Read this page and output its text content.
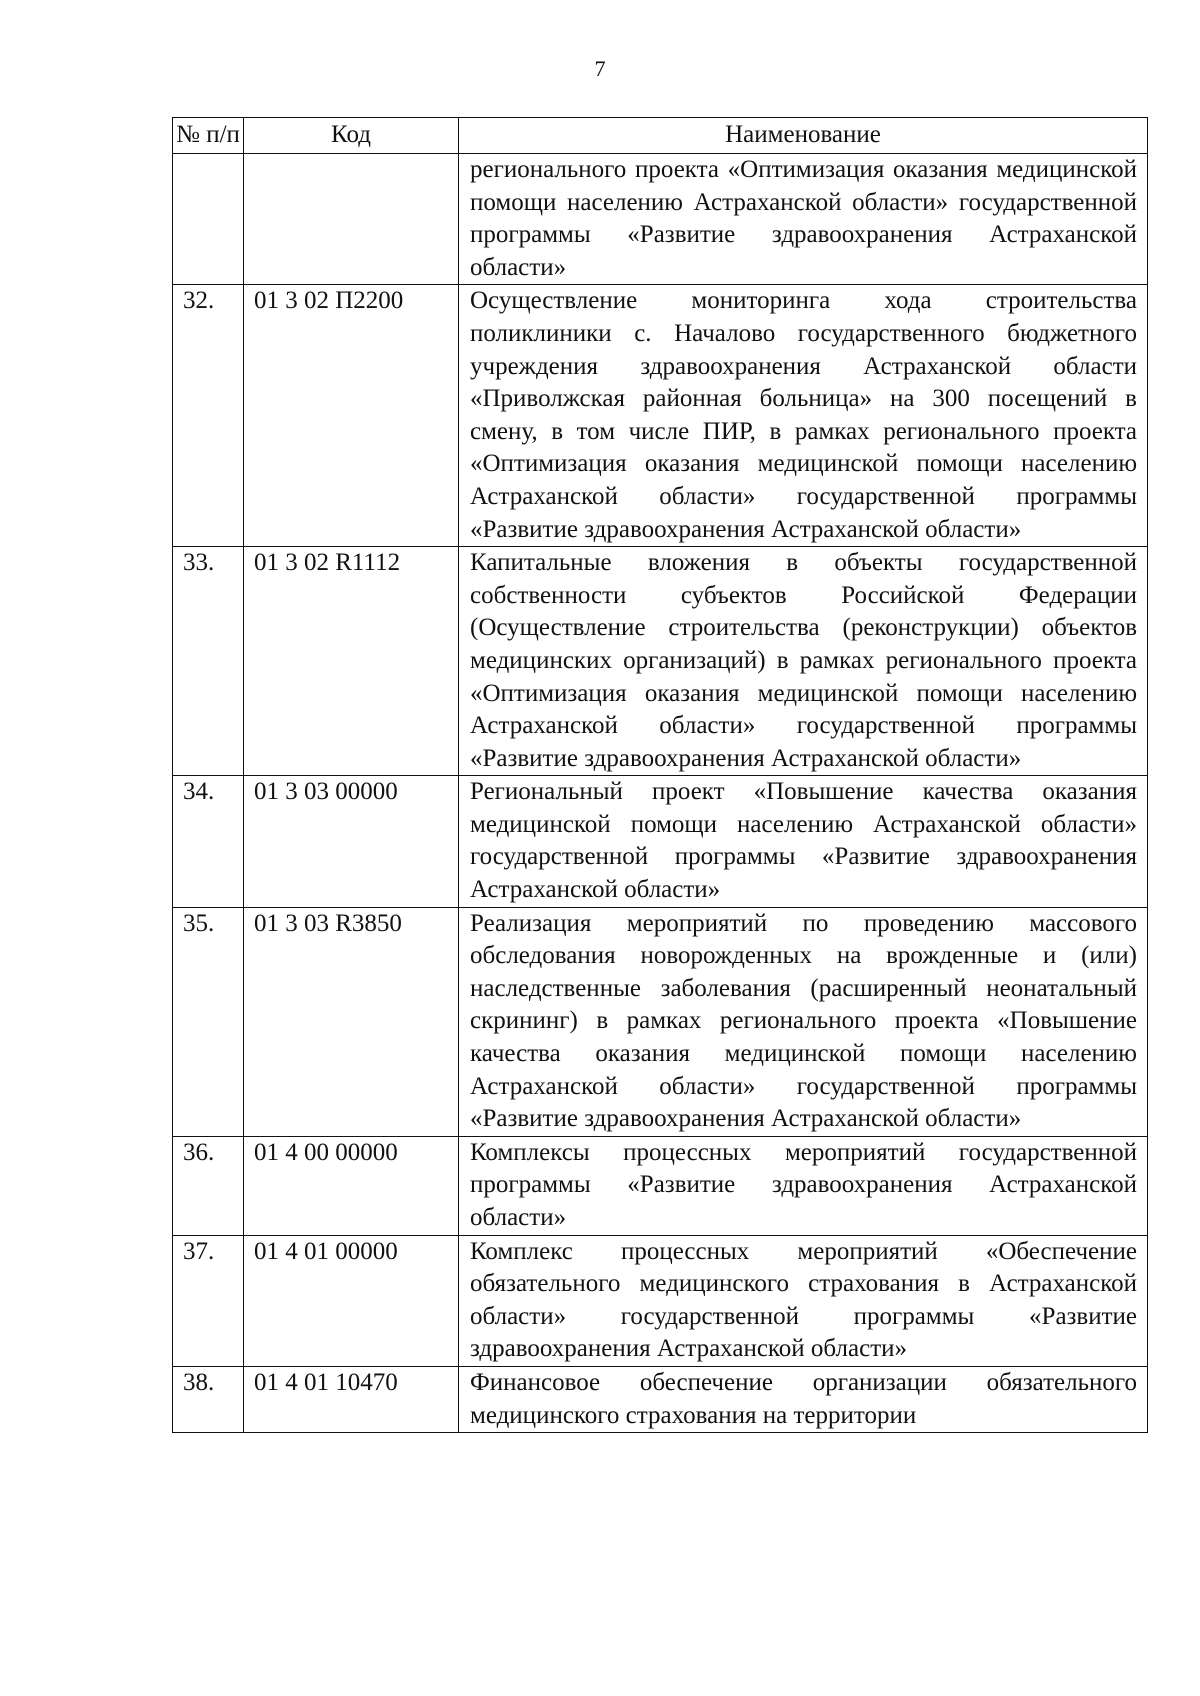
7
№ п/п	Код	Наименование
		регионального проекта «Оптимизация оказания медицинской помощи населению Астраханской области» государственной программы «Развитие здравоохранения Астраханской области»
32.	01 3 02 П2200	Осуществление мониторинга хода строительства поликлиники с. Началово государственного бюджетного учреждения здравоохранения Астраханской области «Приволжская районная больница» на 300 посещений в смену, в том числе ПИР, в рамках регионального проекта «Оптимизация оказания медицинской помощи населению Астраханской области» государственной программы «Развитие здравоохранения Астраханской области»
33.	01 3 02 R1112	Капитальные вложения в объекты государственной собственности субъектов Российской Федерации (Осуществление строительства (реконструкции) объектов медицинских организаций) в рамках регионального проекта «Оптимизация оказания медицинской помощи населению Астраханской области» государственной программы «Развитие здравоохранения Астраханской области»
34.	01 3 03 00000	Региональный проект «Повышение качества оказания медицинской помощи населению Астраханской области» государственной программы «Развитие здравоохранения Астраханской области»
35.	01 3 03 R3850	Реализация мероприятий по проведению массового обследования новорожденных на врожденные и (или) наследственные заболевания (расширенный неонатальный скрининг) в рамках регионального проекта «Повышение качества оказания медицинской помощи населению Астраханской области» государственной программы «Развитие здравоохранения Астраханской области»
36.	01 4 00 00000	Комплексы процессных мероприятий государственной программы «Развитие здравоохранения Астраханской области»
37.	01 4 01 00000	Комплекс процессных мероприятий «Обеспечение обязательного медицинского страхования в Астраханской области» государственной программы «Развитие здравоохранения Астраханской области»
38.	01 4 01 10470	Финансовое обеспечение организации обязательного медицинского страхования на территории
